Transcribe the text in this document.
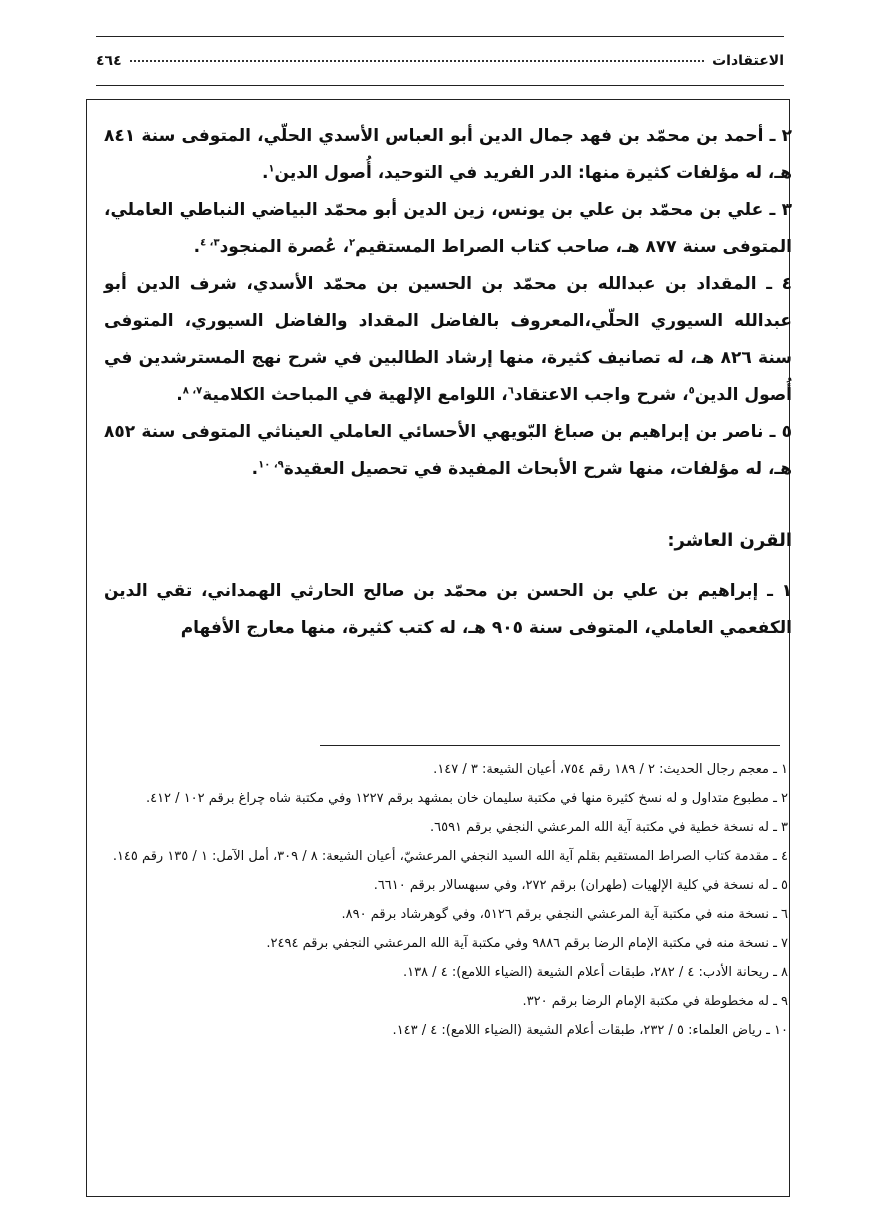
الاعتقادات
٤٦٤

٢ ـ أحمد بن محمّد بن فهد جمال الدين أبو العباس الأسدي الحلّي، المتوفى سنة ٨٤١ هـ، له مؤلفات كثيرة منها: الدر الفريد في التوحيد، أُصول الدين$^١$.

٣ ـ علي بن محمّد بن علي بن يونس، زين الدين أبو محمّد البياضي النباطي العاملي، المتوفى سنة ٨٧٧ هـ، صاحب كتاب الصراط المستقيم$^٢$، عُصرة المنجود$^{٣، ٤}$.

٤ ـ المقداد بن عبدالله بن محمّد بن الحسين بن محمّد الأسدي، شرف الدين أبو عبدالله السيوري الحلّي،المعروف بالفاضل المقداد والفاضل السيوري، المتوفى سنة ٨٢٦ هـ، له تصانيف كثيرة، منها إرشاد الطالبين في شرح نهج المسترشدين في أُصول الدين$^٥$، شرح واجب الاعتقاد$^٦$، اللوامع الإلهية في المباحث الكلامية$^{٧، ٨}$.

٥ ـ ناصر بن إبراهيم بن صباغ البّويهي الأحسائي العاملي العيناثي المتوفى سنة ٨٥٢ هـ، له مؤلفات، منها شرح الأبحاث المفيدة في تحصيل العقيدة$^{٩، ١٠}$.

القرن العاشر:

١ ـ إبراهيم بن علي بن الحسن بن محمّد بن صالح الحارثي الهمداني، تقي الدين الكفعمي العاملي، المتوفى سنة ٩٠٥ هـ، له كتب كثيرة، منها معارج الأفهام

١ ـ معجم رجال الحديث: ٢ / ١٨٩ رقم ٧٥٤، أعيان الشيعة: ٣ / ١٤٧.

٢ ـ مطبوع متداول و له نسخ كثيرة منها في مكتبة سليمان خان بمشهد برقم ١٢٢٧ وفي مكتبة شاه چراغ برقم ١٠٢ / ٤١٢.

٣ ـ له نسخة خطية في مكتبة آية الله المرعشي النجفي برقم ٦٥٩١.

٤ ـ مقدمة كتاب الصراط المستقيم بقلم آية الله السيد النجفي المرعشيّ، أعيان الشيعة: ٨ / ٣٠٩، أمل الآمل: ١ / ١٣٥ رقم ١٤٥.

٥ ـ له نسخة في كلية الإلهيات (طهران) برقم ٢٧٢، وفي سبهسالار برقم ٦٦١٠.

٦ ـ نسخة منه في مكتبة آية المرعشي النجفي برقم ٥١٢٦، وفي گوهرشاد برقم ٨٩٠.

٧ ـ نسخة منه في مكتبة الإمام الرضا برقم ٩٨٨٦ وفي مكتبة آية الله المرعشي النجفي برقم ٢٤٩٤.

٨ ـ ريحانة الأدب: ٤ / ٢٨٢، طبقات أعلام الشيعة (الضياء اللامع): ٤ / ١٣٨.

٩ ـ له مخطوطة في مكتبة الإمام الرضا برقم ٣٢٠.

١٠ ـ رياض العلماء: ٥ / ٢٣٢، طبقات أعلام الشيعة (الضياء اللامع): ٤ / ١٤٣.
